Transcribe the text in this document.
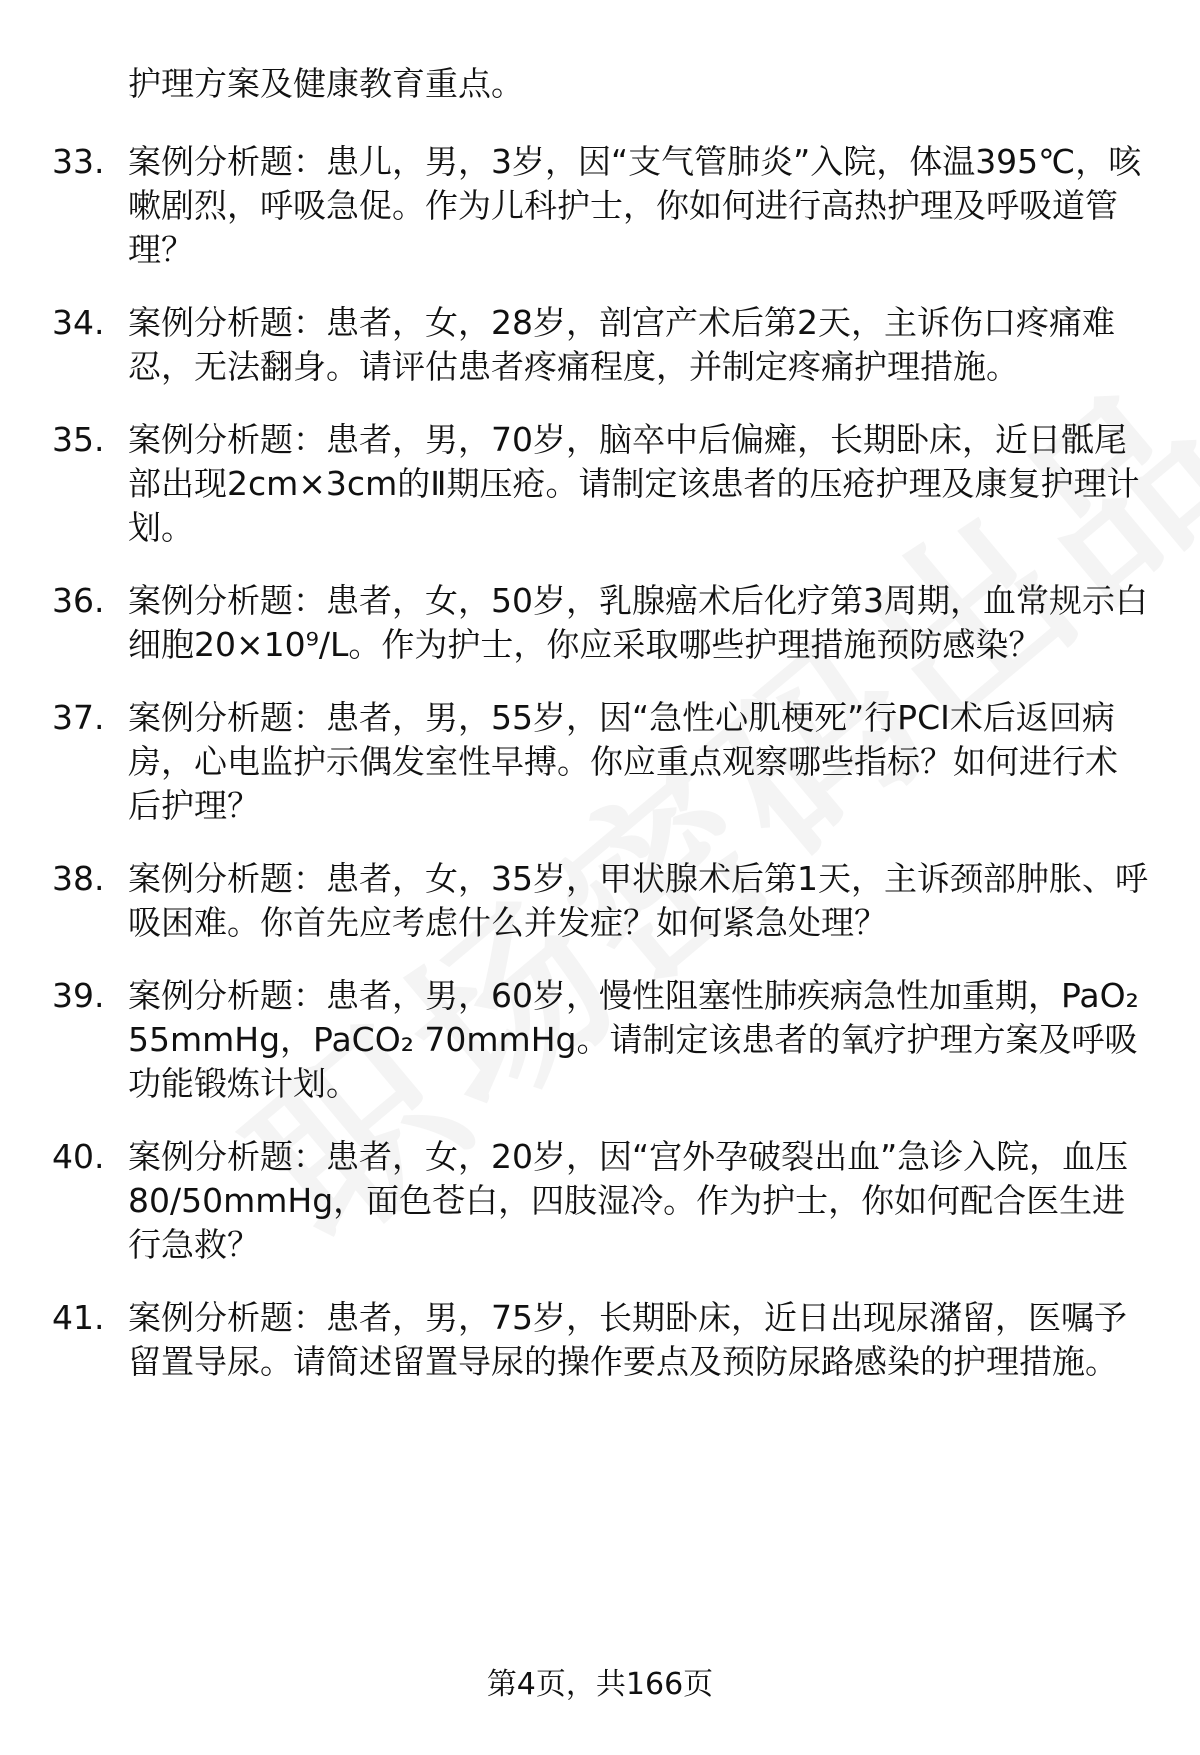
护理方案及健康教育重点。
33. 案例分析题：患儿，男，3岁，因“支气管肺炎”入院，体温395℃，咳嗽剧烈，呼吸急促。作为儿科护士，你如何进行高热护理及呼吸道管理？
34. 案例分析题：患者，女，28岁，剖宫产术后第2天，主诉伤口疼痛难忍，无法翻身。请评估患者疼痛程度，并制定疼痛护理措施。
35. 案例分析题：患者，男，70岁，脑卒中后偏瘫，长期卧床，近日骶尾部出现2cm×3cm的Ⅱ期压疮。请制定该患者的压疮护理及康复护理计划。
36. 案例分析题：患者，女，50岁，乳腺癌术后化疗第3周期，血常规示白细胞20×10⁹/L。作为护士，你应采取哪些护理措施预防感染？
37. 案例分析题：患者，男，55岁，因“急性心肌梗死”行PCI术后返回病房，心电监护示偶发室性早搏。你应重点观察哪些指标？如何进行术后护理？
38. 案例分析题：患者，女，35岁，甲状腺术后第1天，主诉颈部肿胀、呼吸困难。你首先应考虑什么并发症？如何紧急处理？
39. 案例分析题：患者，男，60岁，慢性阻塞性肺疾病急性加重期，PaO₂ 55mmHg，PaCO₂ 70mmHg。请制定该患者的氧疗护理方案及呼吸功能锻炼计划。
40. 案例分析题：患者，女，20岁，因“宫外孕破裂出血”急诊入院，血压80/50mmHg，面色苍白，四肢湿冷。作为护士，你如何配合医生进行急救？
41. 案例分析题：患者，男，75岁，长期卧床，近日出现尿潴留，医嘱予留置导尿。请简述留置导尿的操作要点及预防尿路感染的护理措施。
第4页，共166页
